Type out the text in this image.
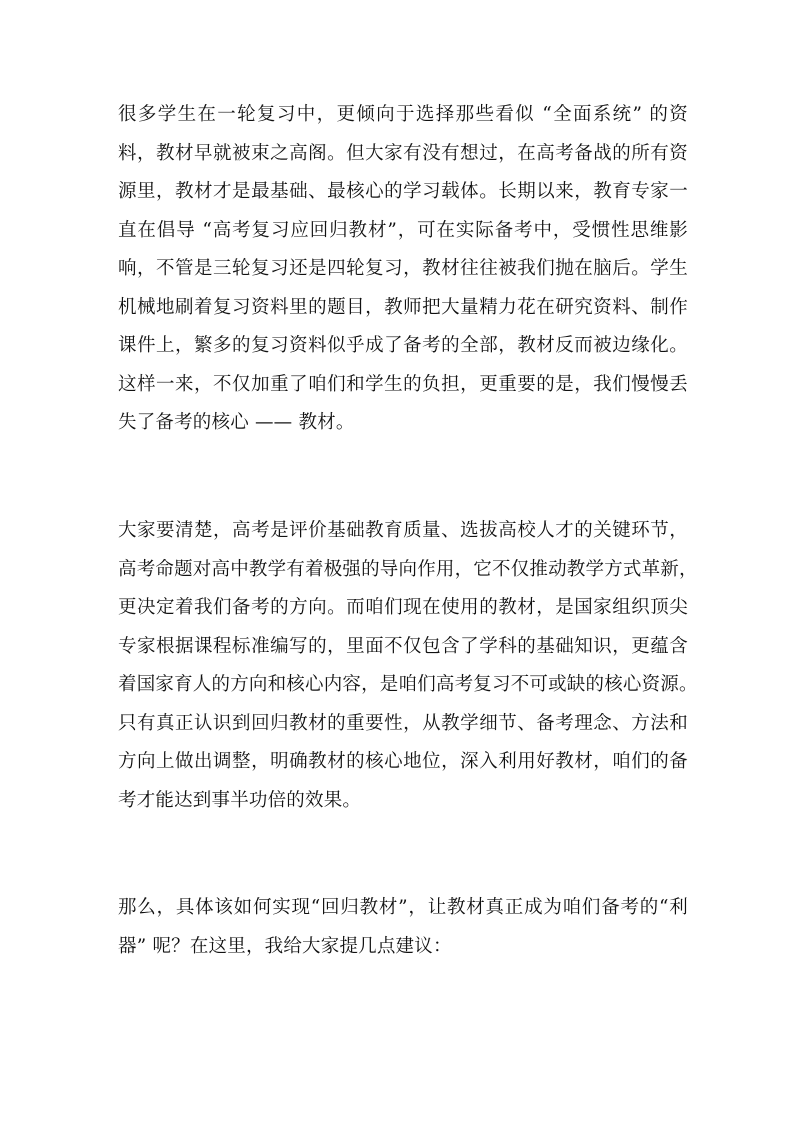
很多学生在一轮复习中，更倾向于选择那些看似 “全面系统” 的资
料，教材早就被束之高阁。但大家有没有想过，在高考备战的所有资
源里，教材才是最基础、最核心的学习载体。长期以来，教育专家一
直在倡导 “高考复习应回归教材”，可在实际备考中，受惯性思维影
响，不管是三轮复习还是四轮复习，教材往往被我们抛在脑后。学生
机械地刷着复习资料里的题目，教师把大量精力花在研究资料、制作
课件上，繁多的复习资料似乎成了备考的全部，教材反而被边缘化。
这样一来，不仅加重了咱们和学生的负担，更重要的是，我们慢慢丢
失了备考的核心 —— 教材。
大家要清楚，高考是评价基础教育质量、选拔高校人才的关键环节，
高考命题对高中教学有着极强的导向作用，它不仅推动教学方式革新，
更决定着我们备考的方向。而咱们现在使用的教材，是国家组织顶尖
专家根据课程标准编写的，里面不仅包含了学科的基础知识，更蕴含
着国家育人的方向和核心内容，是咱们高考复习不可或缺的核心资源。
只有真正认识到回归教材的重要性，从教学细节、备考理念、方法和
方向上做出调整，明确教材的核心地位，深入利用好教材，咱们的备
考才能达到事半功倍的效果。
那么，具体该如何实现“回归教材”，让教材真正成为咱们备考的“利
器” 呢？在这里，我给大家提几点建议：
